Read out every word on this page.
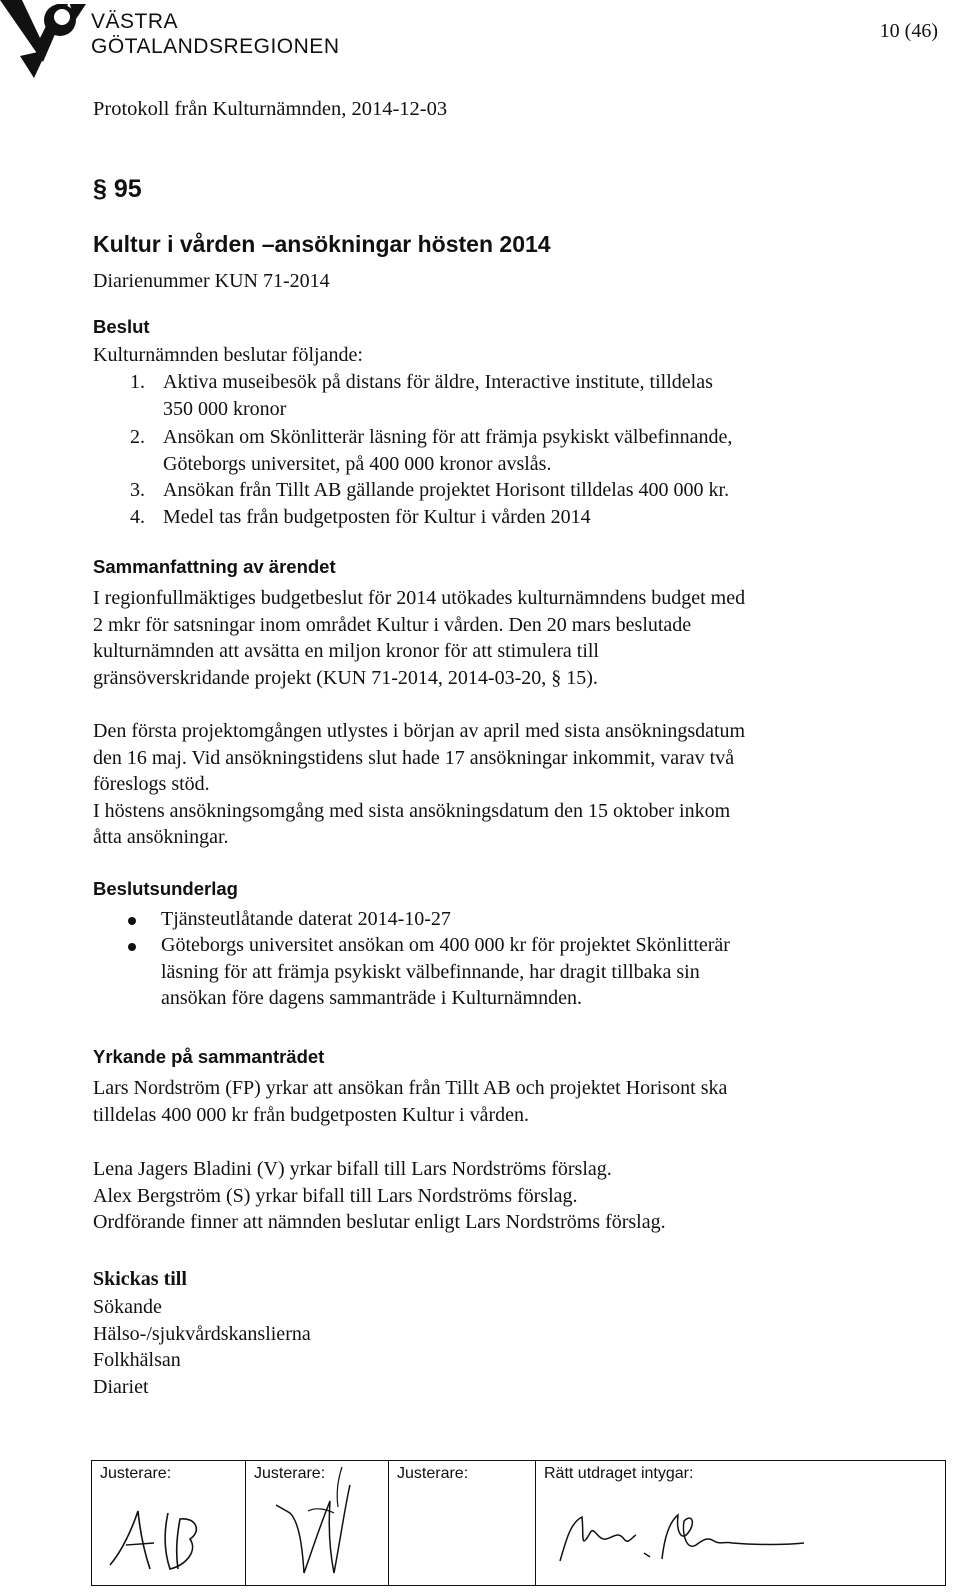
VÄSTRA
GÖTALANDSREGIONEN
10 (46)
Protokoll från Kulturnämnden, 2014-12-03
§ 95
Kultur i vården –ansökningar hösten 2014
Diarienummer KUN 71-2014
Beslut
Kulturnämnden beslutar följande:
1. Aktiva museibesök på distans för äldre, Interactive institute, tilldelas
350 000 kronor
2. Ansökan om Skönlitterär läsning för att främja psykiskt välbefinnande,
Göteborgs universitet, på 400 000 kronor avslås.
3. Ansökan från Tillt AB gällande projektet Horisont tilldelas 400 000 kr.
4. Medel tas från budgetposten för Kultur i vården 2014
Sammanfattning av ärendet
I regionfullmäktiges budgetbeslut för 2014 utökades kulturnämndens budget med
2 mkr för satsningar inom området Kultur i vården. Den 20 mars beslutade
kulturnämnden att avsätta en miljon kronor för att stimulera till
gränsöverskridande projekt (KUN 71-2014, 2014-03-20, § 15).
Den första projektomgången utlystes i början av april med sista ansökningsdatum
den 16 maj. Vid ansökningstidens slut hade 17 ansökningar inkommit, varav två
föreslogs stöd.
I höstens ansökningsomgång med sista ansökningsdatum den 15 oktober inkom
åtta ansökningar.
Beslutsunderlag
Tjänsteutlåtande daterat 2014-10-27
Göteborgs universitet ansökan om 400 000 kr för projektet Skönlitterär
läsning för att främja psykiskt välbefinnande, har dragit tillbaka sin
ansökan före dagens sammanträde i Kulturnämnden.
Yrkande på sammanträdet
Lars Nordström (FP) yrkar att ansökan från Tillt AB och projektet Horisont ska
tilldelas 400 000 kr från budgetposten Kultur i vården.
Lena Jagers Bladini (V) yrkar bifall till Lars Nordströms förslag.
Alex Bergström (S) yrkar bifall till Lars Nordströms förslag.
Ordförande finner att nämnden beslutar enligt Lars Nordströms förslag.
Skickas till
Sökande
Hälso-/sjukvårdskanslierna
Folkhälsan
Diariet
Justerare:	Justerare:	Justerare:	Rätt utdraget intygar:
